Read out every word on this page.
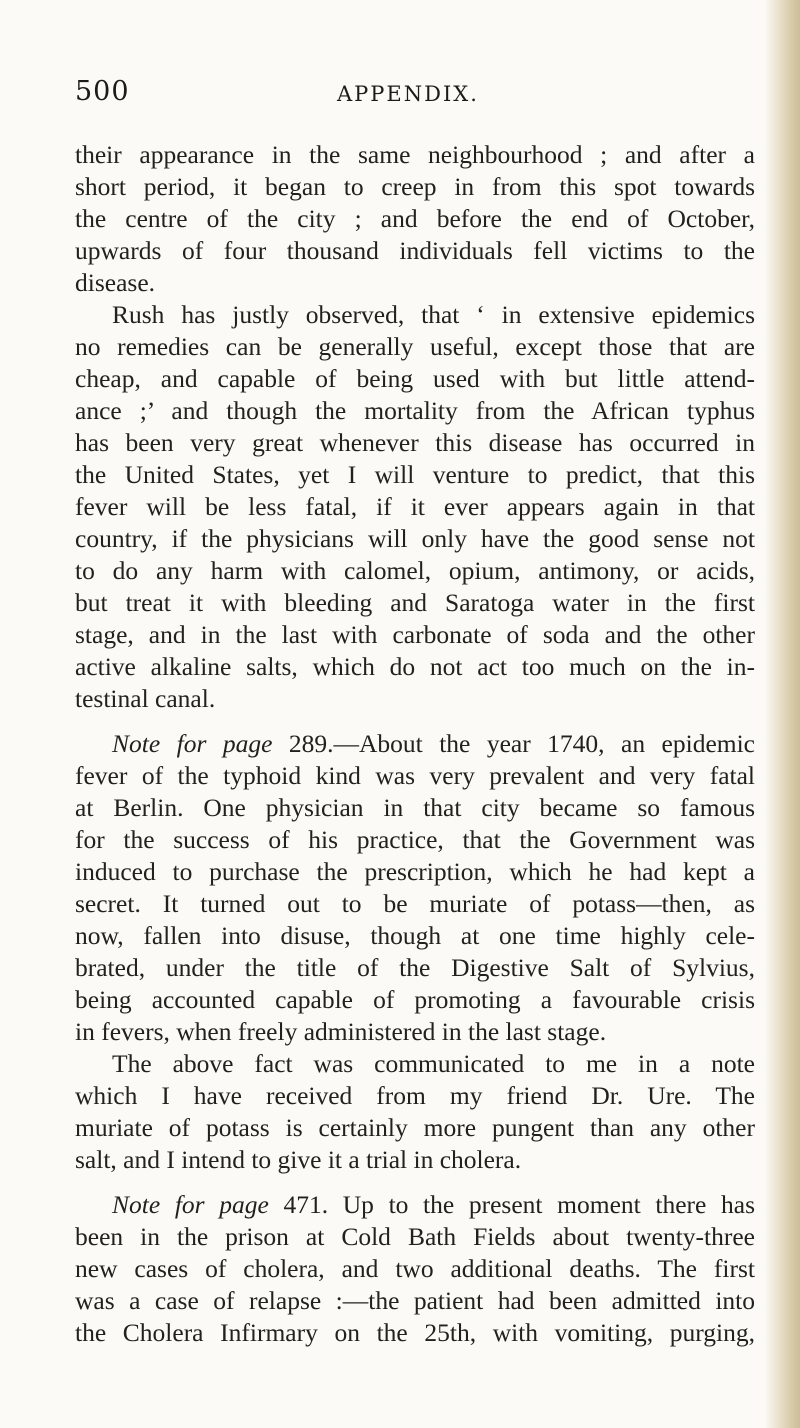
500	APPENDIX.
their appearance in the same neighbourhood ; and after a
short period, it began to creep in from this spot towards
the centre of the city ; and before the end of October,
upwards of four thousand individuals fell victims to the
disease.
Rush has justly observed, that ‘ in extensive epidemics
no remedies can be generally useful, except those that are
cheap, and capable of being used with but little attend-
ance ;’ and though the mortality from the African typhus
has been very great whenever this disease has occurred in
the United States, yet I will venture to predict, that this
fever will be less fatal, if it ever appears again in that
country, if the physicians will only have the good sense not
to do any harm with calomel, opium, antimony, or acids,
but treat it with bleeding and Saratoga water in the first
stage, and in the last with carbonate of soda and the other
active alkaline salts, which do not act too much on the in-
testinal canal.
Note for page 289.—About the year 1740, an epidemic
fever of the typhoid kind was very prevalent and very fatal
at Berlin. One physician in that city became so famous
for the success of his practice, that the Government was
induced to purchase the prescription, which he had kept a
secret. It turned out to be muriate of potass—then, as
now, fallen into disuse, though at one time highly cele-
brated, under the title of the Digestive Salt of Sylvius,
being accounted capable of promoting a favourable crisis
in fevers, when freely administered in the last stage.
The above fact was communicated to me in a note
which I have received from my friend Dr. Ure. The
muriate of potass is certainly more pungent than any other
salt, and I intend to give it a trial in cholera.
Note for page 471. Up to the present moment there has
been in the prison at Cold Bath Fields about twenty-three
new cases of cholera, and two additional deaths. The first
was a case of relapse :—the patient had been admitted into
the Cholera Infirmary on the 25th, with vomiting, purging,
